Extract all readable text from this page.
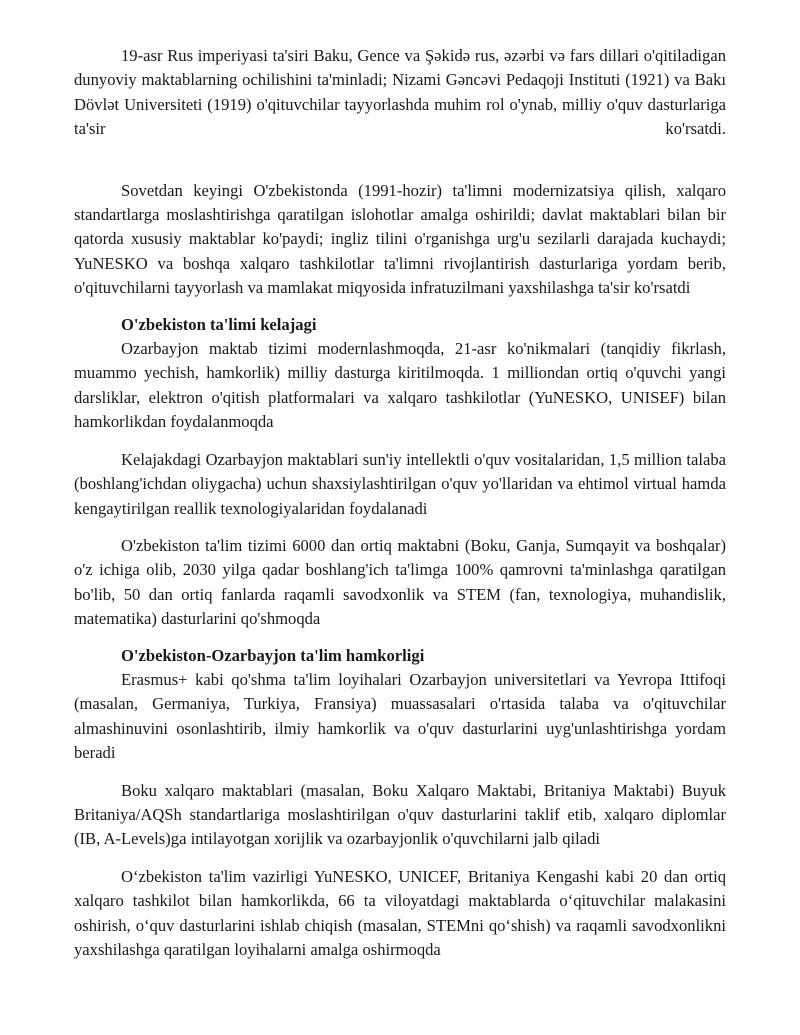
19-asr Rus imperiyasi ta'siri Baku, Gence va Şəkidə rus, əzərbi və fars dillari o'qitiladigan dunyoviy maktablarning ochilishini ta'minladi; Nizami Gəncəvi Pedaqoji Instituti (1921) va Bakı Dövlət Universiteti (1919) o'qituvchilar tayyorlashda muhim rol o'ynab, milliy o'quv dasturlariga ta'sir ko'rsatdi.

Sovetdan keyingi O'zbekistonda (1991-hozir) ta'limni modernizatsiya qilish, xalqaro standartlarga moslashtirishga qaratilgan islohotlar amalga oshirildi; davlat maktablari bilan bir qatorda xususiy maktablar ko'paydi; ingliz tilini o'rganishga urg'u sezilarli darajada kuchaydi; YuNESKO va boshqa xalqaro tashkilotlar ta'limni rivojlantirish dasturlariga yordam berib, o'qituvchilarni tayyorlash va mamlakat miqyosida infratuzilmani yaxshilashga ta'sir ko'rsatdi

O'zbekiston ta'limi kelajagi

Ozarbayjon maktab tizimi modernlashmoqda, 21-asr ko'nikmalari (tanqidiy fikrlash, muammo yechish, hamkorlik) milliy dasturga kiritilmoqda. 1 milliondan ortiq o'quvchi yangi darsliklar, elektron o'qitish platformalari va xalqaro tashkilotlar (YuNESKO, UNISEF) bilan hamkorlikdan foydalanmoqda

Kelajakdagi Ozarbayjon maktablari sun'iy intellektli o'quv vositalaridan, 1,5 million talaba (boshlang'ichdan oliygacha) uchun shaxsiylashtirilgan o'quv yo'llaridan va ehtimol virtual hamda kengaytirilgan reallik texnologiyalaridan foydalanadi

O'zbekiston ta'lim tizimi 6000 dan ortiq maktabni (Boku, Ganja, Sumqayit va boshqalar) o'z ichiga olib, 2030 yilga qadar boshlang'ich ta'limga 100% qamrovni ta'minlashga qaratilgan bo'lib, 50 dan ortiq fanlarda raqamli savodxonlik va STEM (fan, texnologiya, muhandislik, matematika) dasturlarini qo'shmoqda

O'zbekiston-Ozarbayjon ta'lim hamkorligi

Erasmus+ kabi qo'shma ta'lim loyihalari Ozarbayjon universitetlari va Yevropa Ittifoqi (masalan, Germaniya, Turkiya, Fransiya) muassasalari o'rtasida talaba va o'qituvchilar almashinuvini osonlashtirib, ilmiy hamkorlik va o'quv dasturlarini uyg'unlashtirishga yordam beradi

Boku xalqaro maktablari (masalan, Boku Xalqaro Maktabi, Britaniya Maktabi) Buyuk Britaniya/AQSh standartlariga moslashtirilgan o'quv dasturlarini taklif etib, xalqaro diplomlar (IB, A-Levels)ga intilayotgan xorijlik va ozarbayjonlik o'quvchilarni jalb qiladi

O‘zbekiston ta'lim vazirligi YuNESKO, UNICEF, Britaniya Kengashi kabi 20 dan ortiq xalqaro tashkilot bilan hamkorlikda, 66 ta viloyatdagi maktablarda o‘qituvchilar malakasini oshirish, o‘quv dasturlarini ishlab chiqish (masalan, STEMni qo‘shish) va raqamli savodxonlikni yaxshilashga qaratilgan loyihalarni amalga oshirmoqda
